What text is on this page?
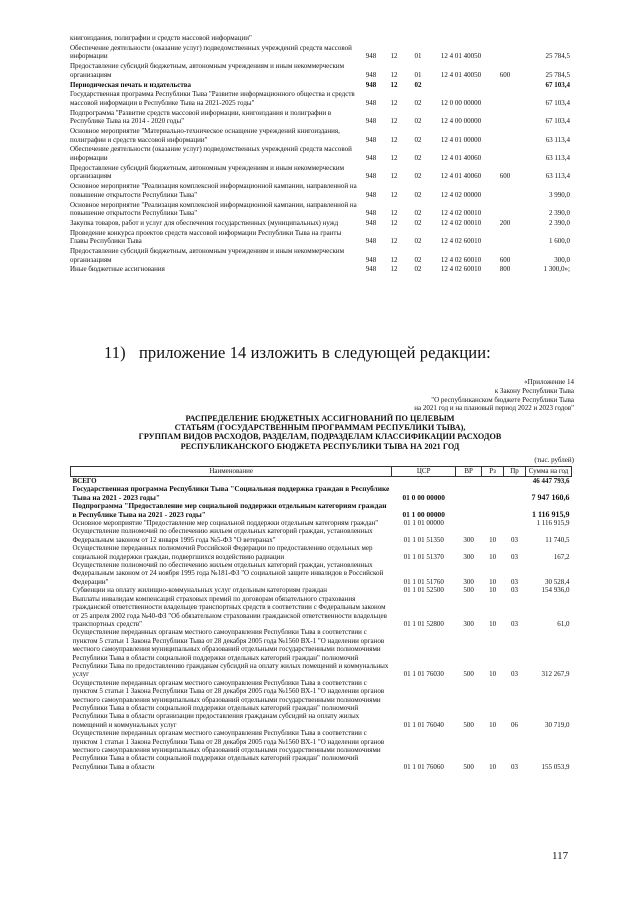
книгоиздания, полиграфии и средств массовой информации"
Обеспечение деятельности (оказание услуг) подведомственных учреждений средств массовой информации	948	12	01	12 4 01 40050	25 784,5
Предоставление субсидий бюджетным, автономным учреждениям и иным некоммерческим организациям	948	12	01	12 4 01 40050	600	25 784,5
Периодическая печать и издательства	948	12	02	67 103,4
Государственная программа Республики Тыва "Развитие информационного общества и средств массовой информации в Республике Тыва на 2021-2025 годы"	948	12	02	12 0 00 00000	67 103,4
Подпрограмма "Развитие средств массовой информации, книгоиздания и полиграфии в Республике Тыва на 2014 - 2020 годы"	948	12	02	12 4 00 00000	67 103,4
Основное мероприятие "Материально-техническое оснащение учреждений книгоиздания, полиграфии и средств массовой информации"	948	12	02	12 4 01 00000	63 113,4
Обеспечение деятельности (оказание услуг) подведомственных учреждений средств массовой информации	948	12	02	12 4 01 40060	63 113,4
Предоставление субсидий бюджетным, автономным учреждениям и иным некоммерческим организациям	948	12	02	12 4 01 40060	600	63 113,4
Основное мероприятие "Реализация комплексной информационной кампании, направленной на повышение открытости Республики Тыва"	948	12	02	12 4 02 00000	3 990,0
Основное мероприятие "Реализация комплексной информационной кампании, направленной на повышение открытости Республики Тыва"	948	12	02	12 4 02 00010	2 390,0
Закупка товаров, работ и услуг для обеспечения государственных (муниципальных) нужд	948	12	02	12 4 02 00010	200	2 390,0
Проведение конкурса проектов средств массовой информации Республики Тыва на гранты Главы Республики Тыва	948	12	02	12 4 02 60010	1 600,0
Предоставление субсидий бюджетным, автономным учреждениям и иным некоммерческим организациям	948	12	02	12 4 02 60010	600	300,0
Иные бюджетные ассигнования	948	12	02	12 4 02 60010	800	1 300,0»;
11) приложение 14 изложить в следующей редакции:
«Приложение 14
к Закону Республики Тыва
"О республиканском бюджете Республики Тыва
на 2021 год и на плановый период 2022 и 2023 годов"
РАСПРЕДЕЛЕНИЕ БЮДЖЕТНЫХ АССИГНОВАНИЙ ПО ЦЕЛЕВЫМ
СТАТЬЯМ (ГОСУДАРСТВЕННЫМ ПРОГРАММАМ РЕСПУБЛИКИ ТЫВА),
ГРУППАМ ВИДОВ РАСХОДОВ, РАЗДЕЛАМ, ПОДРАЗДЕЛАМ КЛАССИФИКАЦИИ РАСХОДОВ
РЕСПУБЛИКАНСКОГО БЮДЖЕТА РЕСПУБЛИКИ ТЫВА НА 2021 ГОД
(тыс. рублей)
Наименование	ЦСР	ВР	Рз	Пр	Сумма на год
ВСЕГО					46 447 793,6
Государственная программа Республики Тыва "Социальная поддержка граждан в Республике Тыва на 2021 - 2023 годы"	01 0 00 00000				7 947 160,6
Подпрограмма "Предоставление мер социальной поддержки отдельным категориям граждан в Республике Тыва на 2021 - 2023 годы"	01 1 00 00000				1 116 915,9
Основное мероприятие "Предоставление мер социальной поддержки отдельным категориям граждан"	01 1 01 00000				1 116 915,9
Осуществление полномочий по обеспечению жильем отдельных категорий граждан, установленных Федеральным законом от 12 января 1995 года №5-ФЗ "О ветеранах"	01 1 01 51350	300	10	03	11 740,5
Осуществление переданных полномочий Российской Федерации по предоставлению отдельных мер социальной поддержки граждан, подвергшихся воздействию радиации	01 1 01 51370	300	10	03	167,2
Осуществление полномочий по обеспечению жильем отдельных категорий граждан, установленных Федеральным законом от 24 ноября 1995 года №181-ФЗ "О социальной защите инвалидов в Российской Федерации"	01 1 01 51760	300	10	03	30 528,4
Субвенции на оплату жилищно-коммунальных услуг отдельным категориям граждан	01 1 01 52500	500	10	03	154 936,0
Выплаты инвалидам компенсаций страховых премий по договорам обязательного страхования гражданской ответственности владельцев транспортных средств в соответствии с Федеральным законом от 25 апреля 2002 года №40-ФЗ "Об обязательном страховании гражданской ответственности владельцев транспортных средств"	01 1 01 52800	300	10	03	61,0
Осуществление переданных органам местного самоуправления Республики Тыва в соответствии с пунктом 5 статьи 1 Закона Республики Тыва от 28 декабря 2005 года №1560 ВХ-1 "О наделении органов местного самоуправления муниципальных образований отдельными государственными полномочиями Республики Тыва в области социальной поддержки отдельных категорий граждан" полномочий Республики Тыва по предоставлению гражданам субсидий на оплату жилых помещений и коммунальных услуг	01 1 01 76030	500	10	03	312 267,9
Осуществление переданных органам местного самоуправления Республики Тыва в соответствии с пунктом 5 статьи 1 Закона Республики Тыва от 28 декабря 2005 года №1560 ВХ-1 "О наделении органов местного самоуправления муниципальных образований отдельными государственными полномочиями Республики Тыва в области социальной поддержки отдельных категорий граждан" полномочий Республики Тыва в области организации предоставления гражданам субсидий на оплату жилых помещений и коммунальных услуг	01 1 01 76040	500	10	06	30 719,0
Осуществление переданных органам местного самоуправления Республики Тыва в соответствии с пунктом 1 статьи 1 Закона Республики Тыва от 28 декабря 2005 года №1560 ВХ-1 "О наделении органов местного самоуправления муниципальных образований отдельными государственными полномочиями Республики Тыва в области социальной поддержки отдельных категорий граждан" полномочий Республики Тыва в области	01 1 01 76060	500	10	03	155 053,9
117
